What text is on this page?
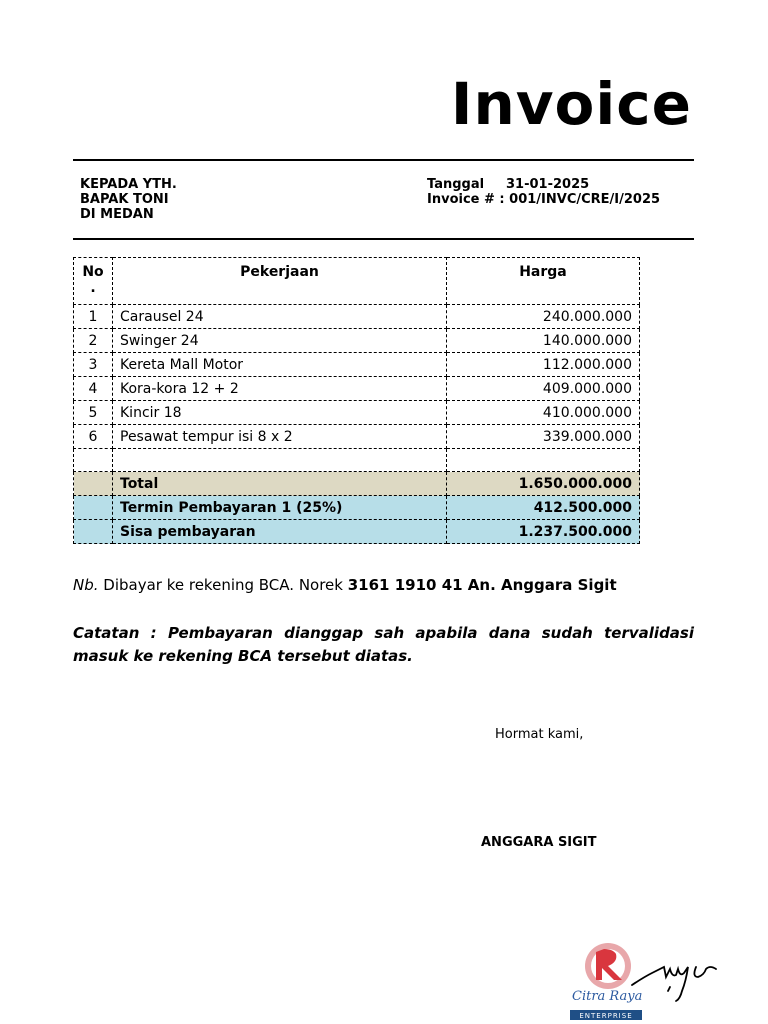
Invoice
KEPADA YTH.
BAPAK TONI
DI MEDAN
Tanggal 31-01-2025
Invoice # : 001/INVC/CRE/I/2025
No .	Pekerjaan	Harga
1	Carausel 24	240.000.000
2	Swinger 24	140.000.000
3	Kereta Mall Motor	112.000.000
4	Kora-kora 12 + 2	409.000.000
5	Kincir 18	410.000.000
6	Pesawat tempur isi 8 x 2	339.000.000

	Total	1.650.000.000
	Termin Pembayaran 1 (25%)	412.500.000
	Sisa pembayaran	1.237.500.000
Nb. Dibayar ke rekening BCA. Norek 3161 1910 41 An. Anggara Sigit
Catatan : Pembayaran dianggap sah apabila dana sudah tervalidasi masuk ke rekening BCA tersebut diatas.
Hormat kami,
ANGGARA SIGIT
Citra Raya
ENTERPRISE
